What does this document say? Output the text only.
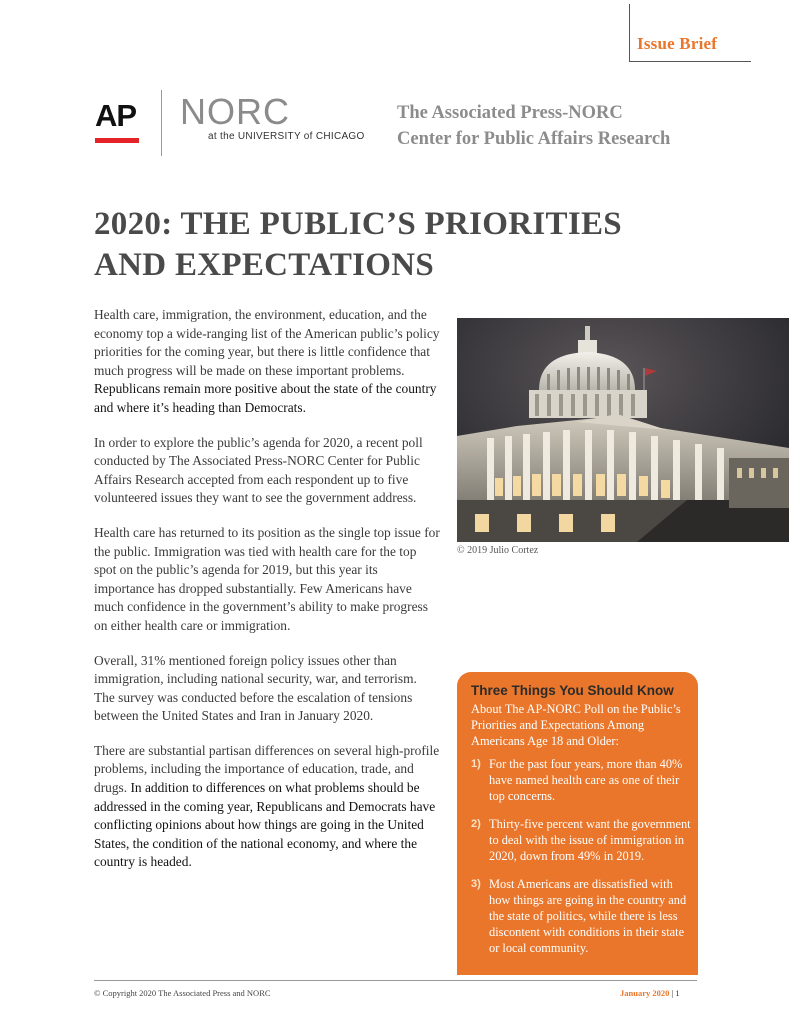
Issue Brief
AP NORC
at the UNIVERSITY of CHICAGO
The Associated Press-NORC
Center for Public Affairs Research
2020: THE PUBLIC’S PRIORITIES
AND EXPECTATIONS

Health care, immigration, the environment, education, and the economy top a wide-ranging list of the American public’s policy priorities for the coming year, but there is little confidence that much progress will be made on these important problems. Republicans remain more positive about the state of the country and where it’s heading than Democrats.

In order to explore the public’s agenda for 2020, a recent poll conducted by The Associated Press-NORC Center for Public Affairs Research accepted from each respondent up to five volunteered issues they want to see the government address.

Health care has returned to its position as the single top issue for the public. Immigration was tied with health care for the top spot on the public’s agenda for 2019, but this year its importance has dropped substantially. Few Americans have much confidence in the government’s ability to make progress on either health care or immigration.

Overall, 31% mentioned foreign policy issues other than immigration, including national security, war, and terrorism. The survey was conducted before the escalation of tensions between the United States and Iran in January 2020.

There are substantial partisan differences on several high-profile problems, including the importance of education, trade, and drugs. In addition to differences on what problems should be addressed in the coming year, Republicans and Democrats have conflicting opinions about how things are going in the United States, the condition of the national economy, and where the country is headed.

© 2019 Julio Cortez
Three Things You Should Know
About The AP-NORC Poll on the Public’s Priorities and Expectations Among Americans Age 18 and Older:
1) For the past four years, more than 40% have named health care as one of their top concerns.
2) Thirty-five percent want the government to deal with the issue of immigration in 2020, down from 49% in 2019.
3) Most Americans are dissatisfied with how things are going in the country and the state of politics, while there is less discontent with conditions in their state or local community.
© Copyright 2020 The Associated Press and NORC	January 2020 | 1
